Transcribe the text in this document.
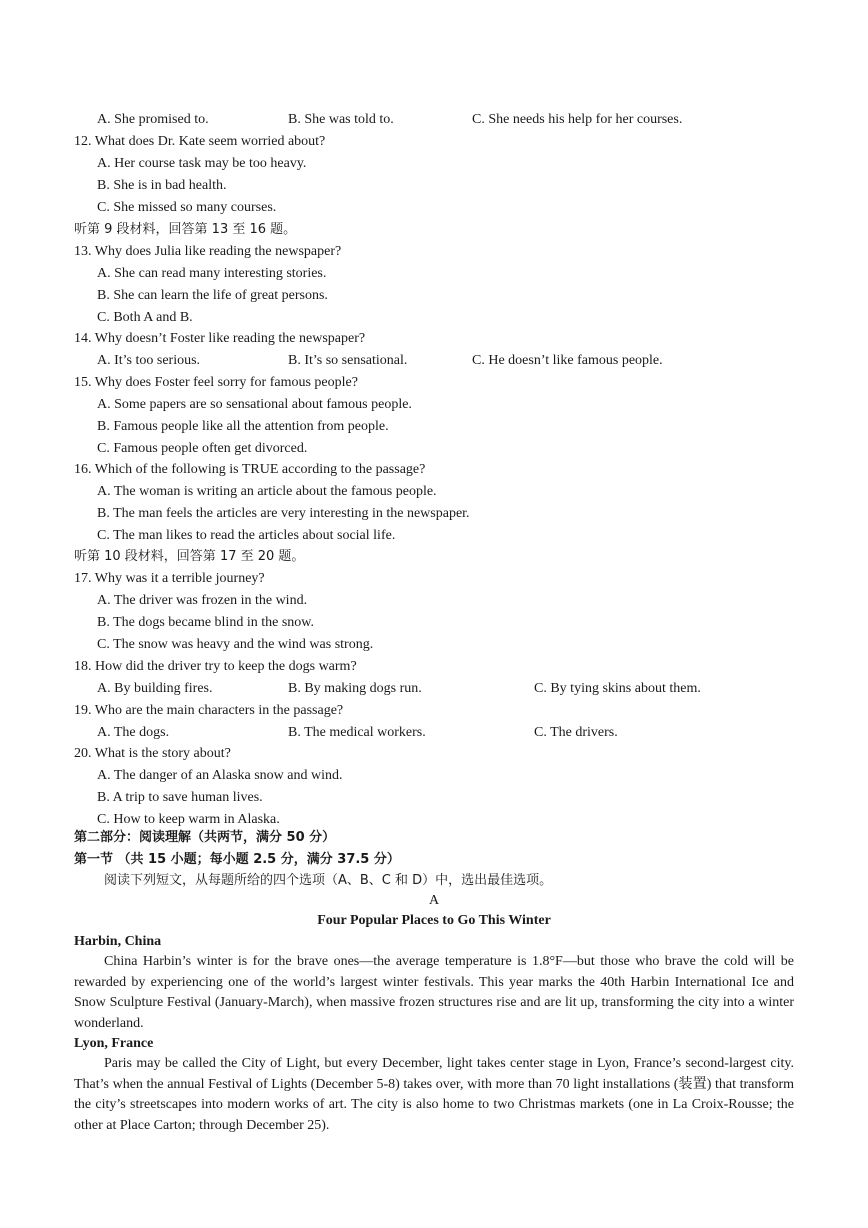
A. She promised to.	B. She was told to.	C. She needs his help for her courses.
12. What does Dr. Kate seem worried about?
A. Her course task may be too heavy.
B. She is in bad health.
C. She missed so many courses.
听第 9 段材料，回答第 13 至 16 题。
13. Why does Julia like reading the newspaper?
A. She can read many interesting stories.
B. She can learn the life of great persons.
C. Both A and B.
14. Why doesn’t Foster like reading the newspaper?
A. It’s too serious.	B. It’s so sensational.	C. He doesn’t like famous people.
15. Why does Foster feel sorry for famous people?
A. Some papers are so sensational about famous people.
B. Famous people like all the attention from people.
C. Famous people often get divorced.
16. Which of the following is TRUE according to the passage?
A. The woman is writing an article about the famous people.
B. The man feels the articles are very interesting in the newspaper.
C. The man likes to read the articles about social life.
听第 10 段材料，回答第 17 至 20 题。
17. Why was it a terrible journey?
A. The driver was frozen in the wind.
B. The dogs became blind in the snow.
C. The snow was heavy and the wind was strong.
18. How did the driver try to keep the dogs warm?
A. By building fires.	B. By making dogs run.	C. By tying skins about them.
19. Who are the main characters in the passage?
A. The dogs.	B. The medical workers.	C. The drivers.
20. What is the story about?
A. The danger of an Alaska snow and wind.
B. A trip to save human lives.
C. How to keep warm in Alaska.
第二部分：阅读理解（共两节，满分 50 分）
第一节 （共 15 小题；每小题 2.5 分，满分 37.5 分）
阅读下列短文，从每题所给的四个选项（A、B、C 和 D）中，选出最佳选项。
A
Four Popular Places to Go This Winter
Harbin, China
China Harbin’s winter is for the brave ones—the average temperature is 1.8°F—but those who brave the cold will be rewarded by experiencing one of the world’s largest winter festivals. This year marks the 40th Harbin International Ice and Snow Sculpture Festival (January-March), when massive frozen structures rise and are lit up, transforming the city into a winter wonderland.
Lyon, France
Paris may be called the City of Light, but every December, light takes center stage in Lyon, France’s second-largest city. That’s when the annual Festival of Lights (December 5-8) takes over, with more than 70 light installations (装置) that transform the city’s streetscapes into modern works of art. The city is also home to two Christmas markets (one in La Croix-Rousse; the other at Place Carton; through December 25).
